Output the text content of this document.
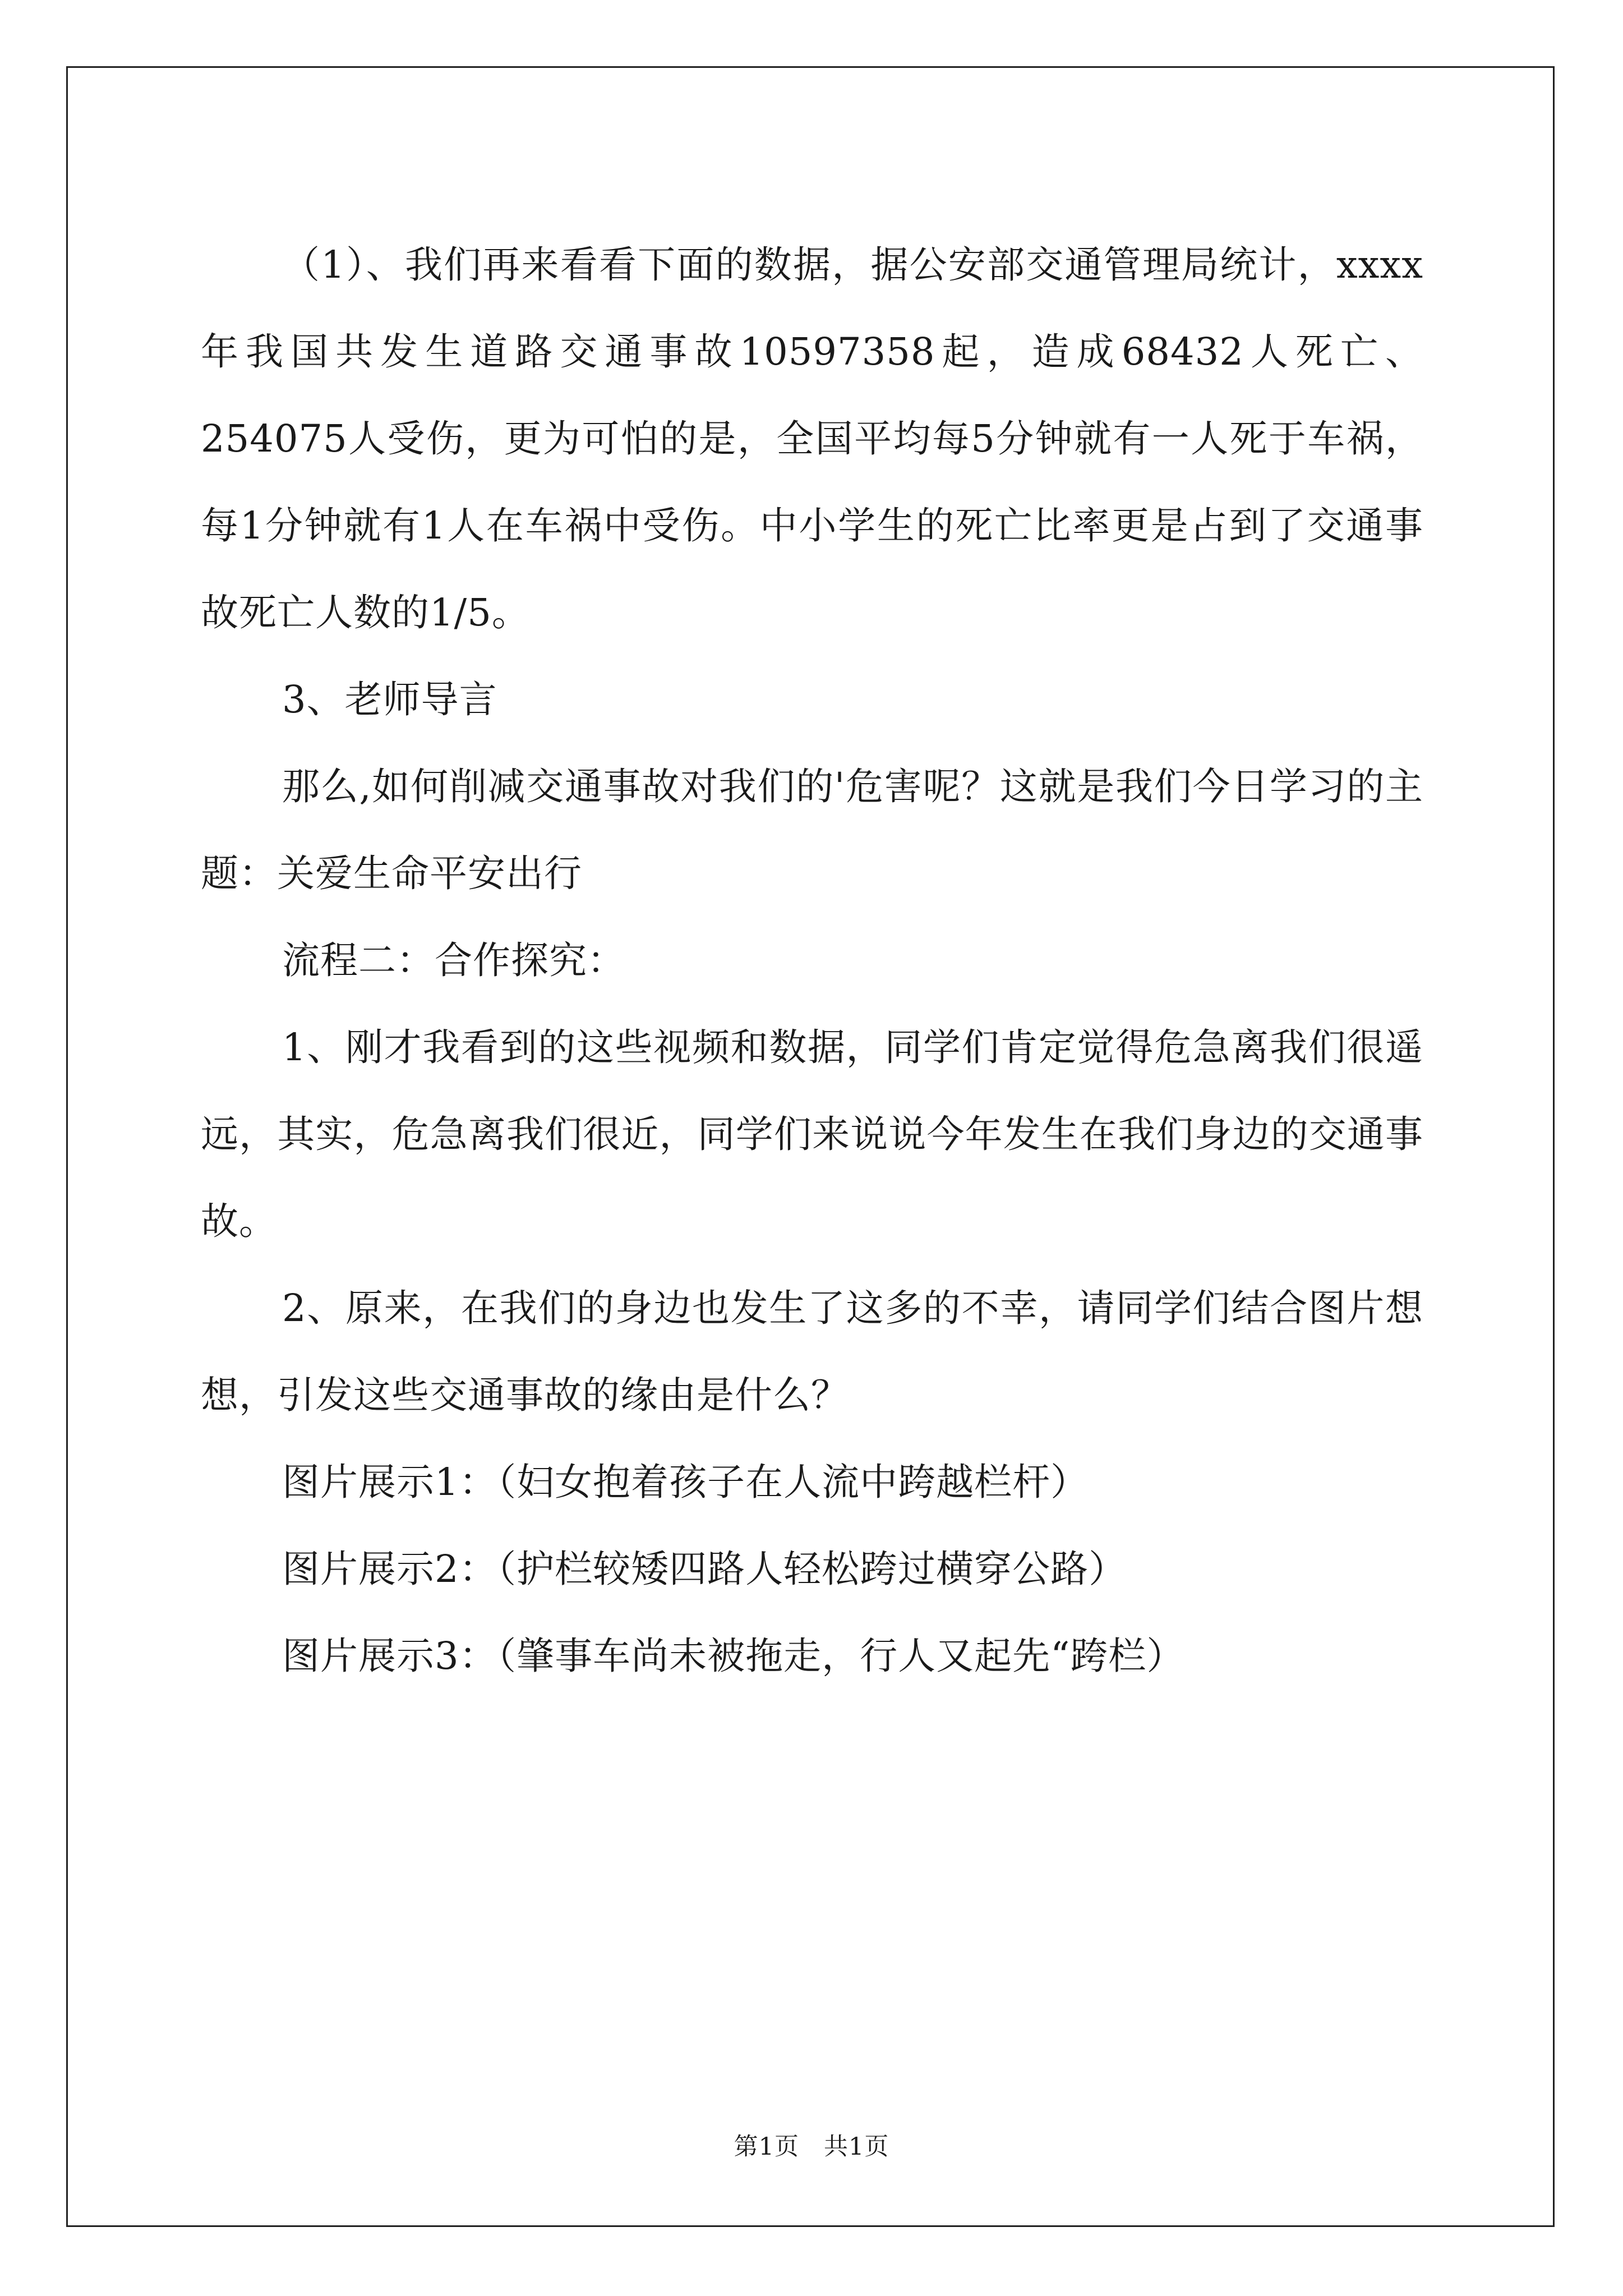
（1）、我们再来看看下面的数据，据公安部交通管理局统计，xxxx年我国共发生道路交通事故10597358起，造成68432人死亡、254075人受伤，更为可怕的是，全国平均每5分钟就有一人死于车祸，每1分钟就有1人在车祸中受伤。中小学生的死亡比率更是占到了交通事故死亡人数的1/5。

3、老师导言

那么,如何削减交通事故对我们的'危害呢？这就是我们今日学习的主题：关爱生命平安出行

流程二：合作探究：

1、刚才我看到的这些视频和数据，同学们肯定觉得危急离我们很遥远，其实，危急离我们很近，同学们来说说今年发生在我们身边的交通事故。

2、原来，在我们的身边也发生了这多的不幸，请同学们结合图片想想，引发这些交通事故的缘由是什么？

图片展示1：（妇女抱着孩子在人流中跨越栏杆）

图片展示2：（护栏较矮四路人轻松跨过横穿公路）

图片展示3：（肇事车尚未被拖走，行人又起先“跨栏）

第1页　共1页
